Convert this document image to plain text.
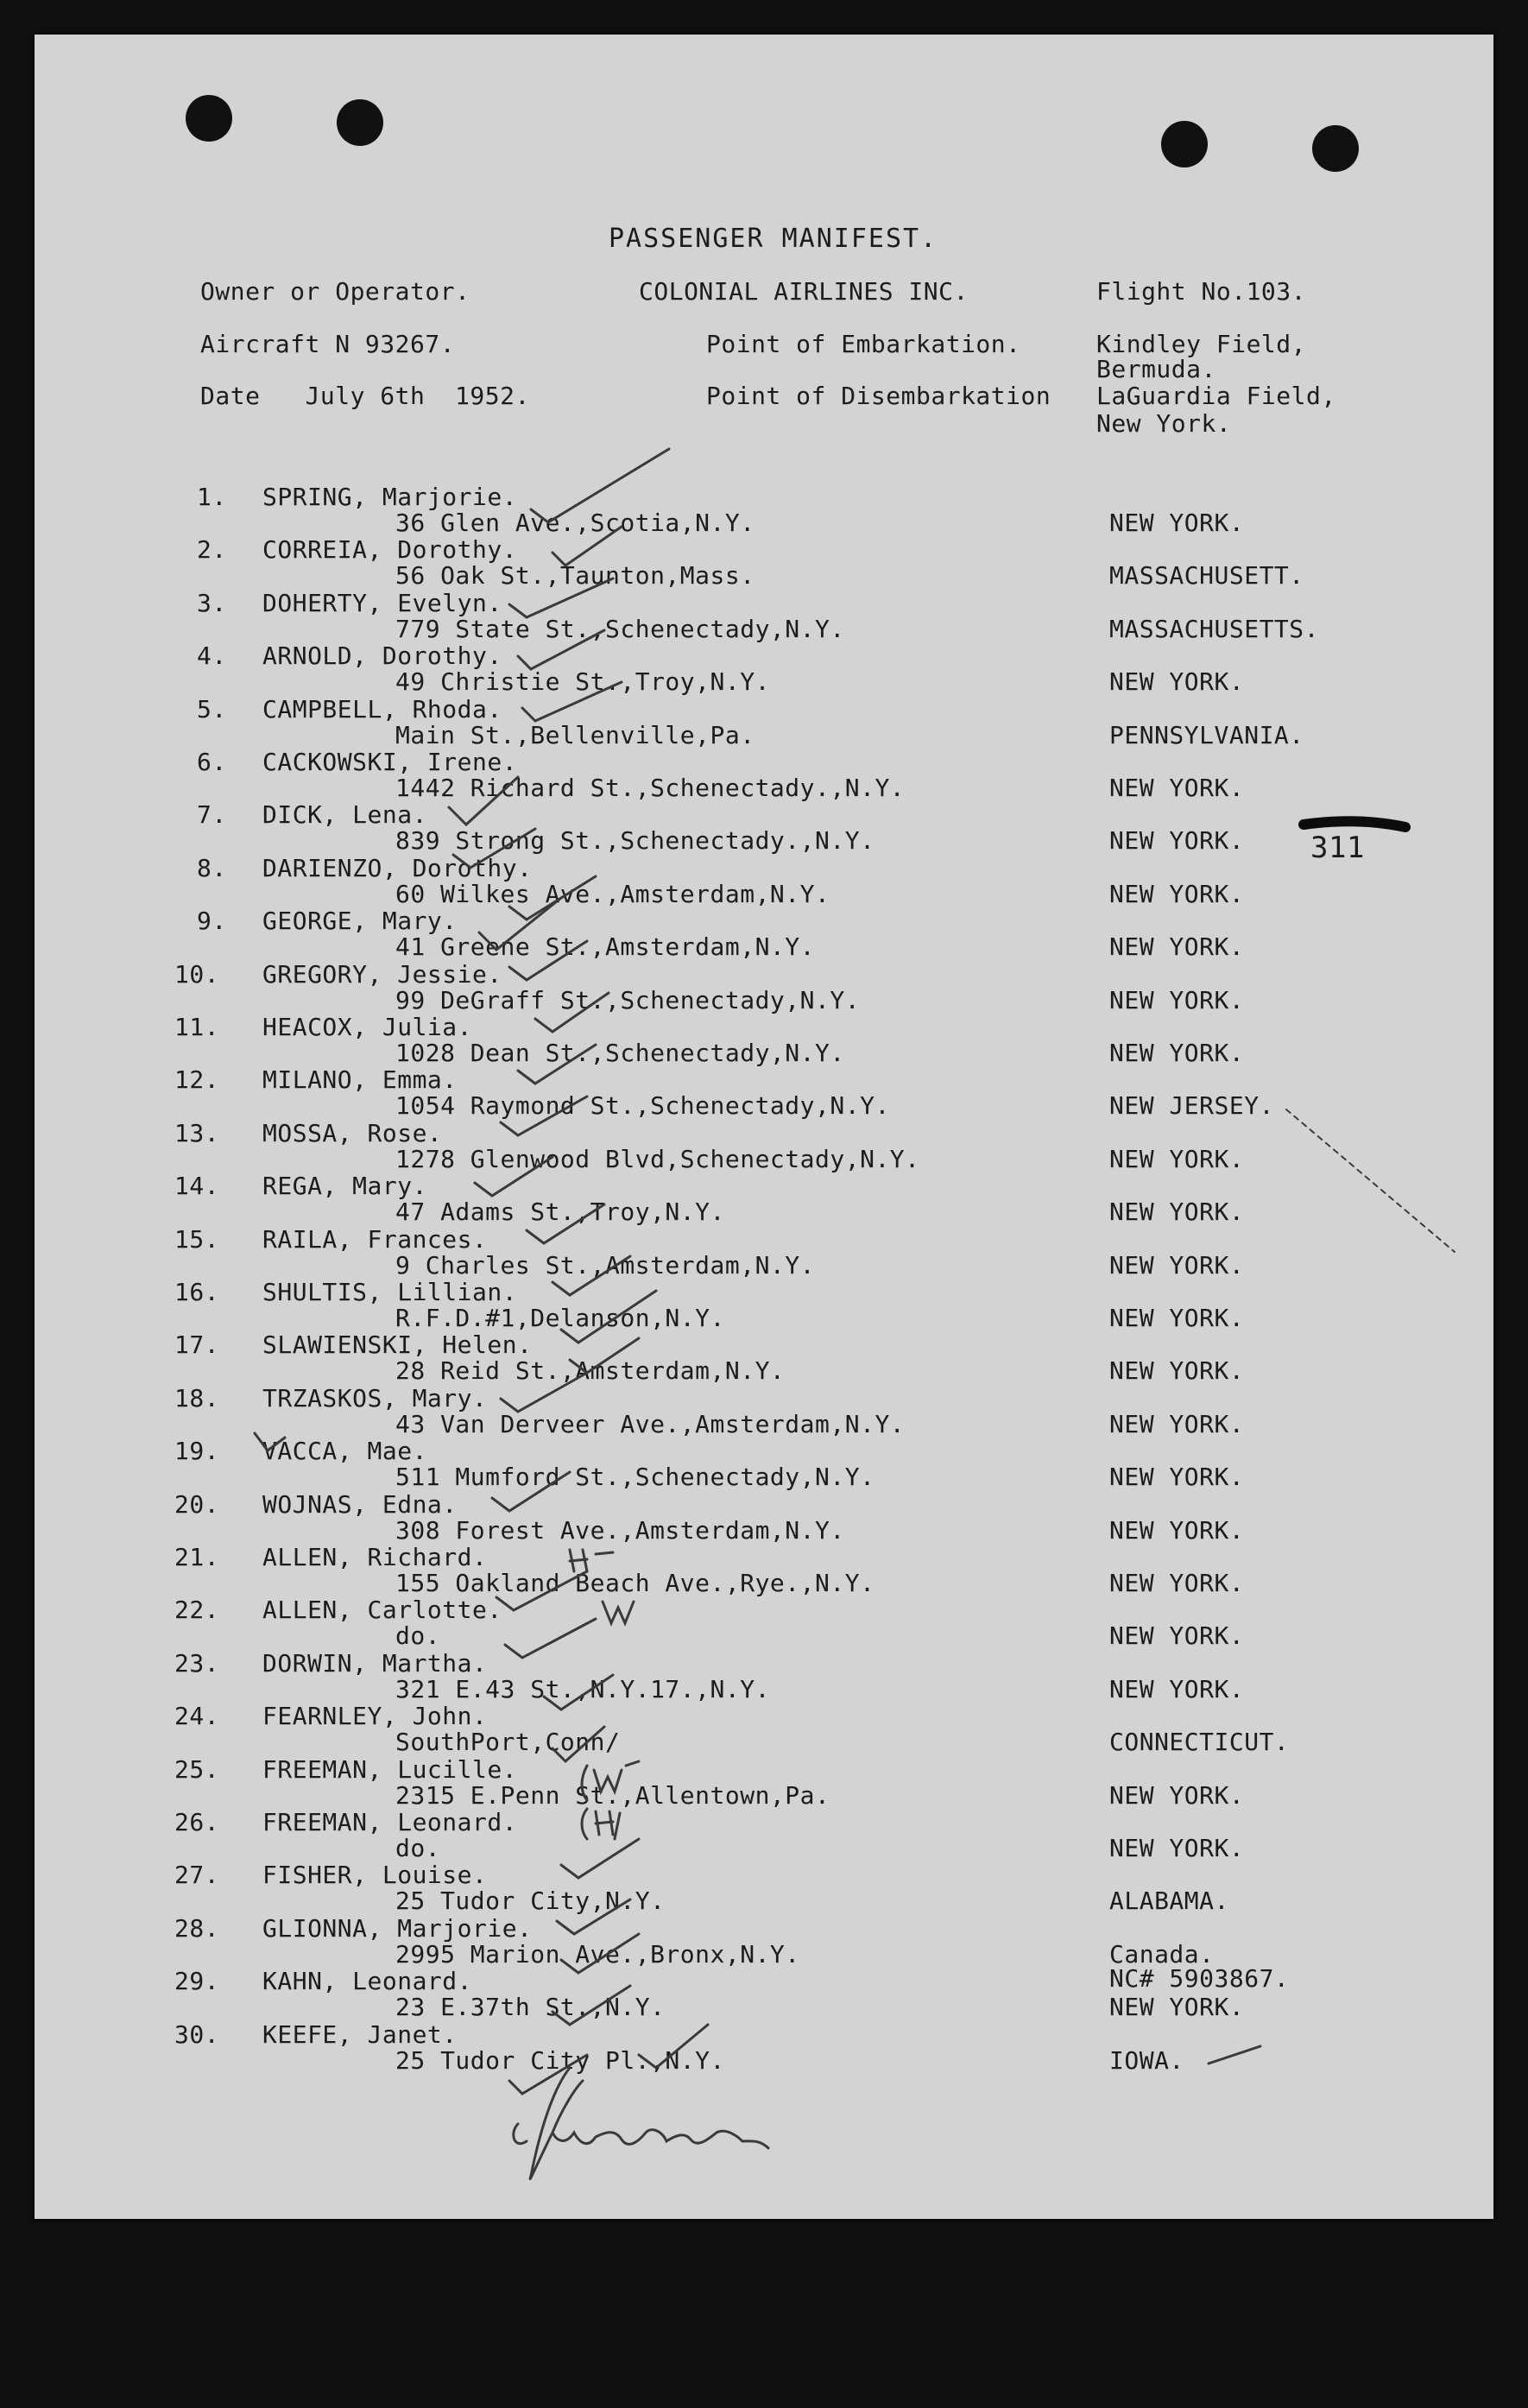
PASSENGER MANIFEST.
Owner or Operator.	COLONIAL AIRLINES INC.	Flight No.103.
Aircraft N 93267.	Point of Embarkation.	Kindley Field,
Bermuda.
Date   July 6th  1952.	Point of Disembarkation LaGuardia Field,
New York.
311
1. SPRING, Marjorie.
36 Glen Ave.,Scotia,N.Y.	NEW YORK.
2. CORREIA, Dorothy.
56 Oak St.,Taunton,Mass.	MASSACHUSETT.
3. DOHERTY, Evelyn.
779 State St.,Schenectady,N.Y.	MASSACHUSETTS.
4. ARNOLD, Dorothy.
49 Christie St.,Troy,N.Y.	NEW YORK.
5. CAMPBELL, Rhoda.
Main St.,Bellenville,Pa.	PENNSYLVANIA.
6. CACKOWSKI, Irene.
1442 Richard St.,Schenectady.,N.Y.	NEW YORK.
7. DICK, Lena.
839 Strong St.,Schenectady.,N.Y.	NEW YORK.
8. DARIENZO, Dorothy.
60 Wilkes Ave.,Amsterdam,N.Y.	NEW YORK.
9. GEORGE, Mary.
41 Greene St.,Amsterdam,N.Y.	NEW YORK.
10. GREGORY, Jessie.
99 DeGraff St.,Schenectady,N.Y.	NEW YORK.
11. HEACOX, Julia.
1028 Dean St.,Schenectady,N.Y.	NEW YORK.
12. MILANO, Emma.
1054 Raymond St.,Schenectady,N.Y.	NEW JERSEY.
13. MOSSA, Rose.
1278 Glenwood Blvd,Schenectady,N.Y.	NEW YORK.
14. REGA, Mary.
47 Adams St.,Troy,N.Y.	NEW YORK.
15. RAILA, Frances.
9 Charles St.,Amsterdam,N.Y.	NEW YORK.
16. SHULTIS, Lillian.
R.F.D.#1,Delanson,N.Y.	NEW YORK.
17. SLAWIENSKI, Helen.
28 Reid St.,Amsterdam,N.Y.	NEW YORK.
18. TRZASKOS, Mary.
43 Van Derveer Ave.,Amsterdam,N.Y.	NEW YORK.
19. VACCA, Mae.
511 Mumford St.,Schenectady,N.Y.	NEW YORK.
20. WOJNAS, Edna.
308 Forest Ave.,Amsterdam,N.Y.	NEW YORK.
21. ALLEN, Richard.
155 Oakland Beach Ave.,Rye.,N.Y.	NEW YORK.
22. ALLEN, Carlotte.
do.	NEW YORK.
23. DORWIN, Martha.
321 E.43 St.,N.Y.17.,N.Y.	NEW YORK.
24. FEARNLEY, John.
SouthPort,Conn/	CONNECTICUT.
25. FREEMAN, Lucille.
2315 E.Penn St.,Allentown,Pa.	NEW YORK.
26. FREEMAN, Leonard.
do.	NEW YORK.
27. FISHER, Louise.
25 Tudor City,N.Y.	ALABAMA.
28. GLIONNA, Marjorie.
2995 Marion Ave.,Bronx,N.Y.	Canada.
NC# 5903867.
29. KAHN, Leonard.
23 E.37th St.,N.Y.	NEW YORK.
30. KEEFE, Janet.
25 Tudor City Pl.,N.Y.	IOWA.
